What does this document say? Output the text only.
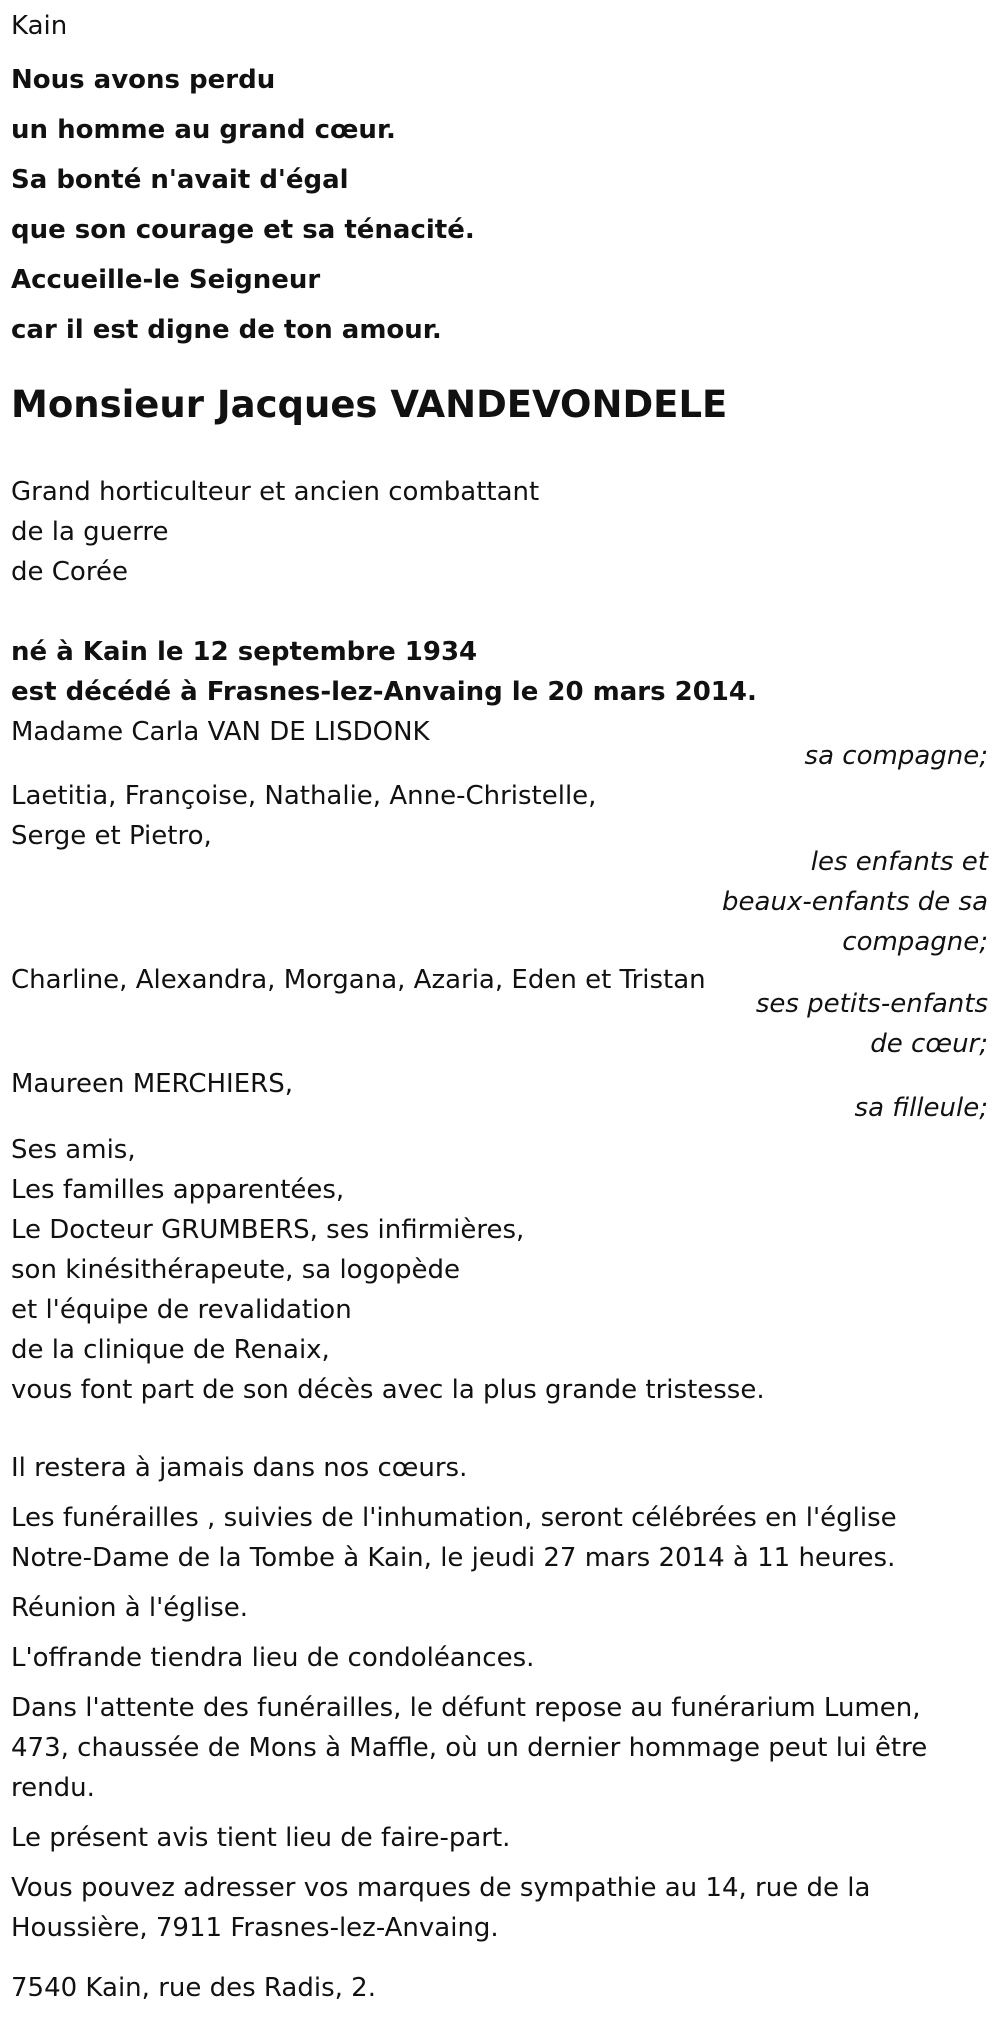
Kain

Nous avons perdu

un homme au grand cœur.

Sa bonté n'avait d'égal

que son courage et sa ténacité.

Accueille-le Seigneur

car il est digne de ton amour.

Monsieur Jacques VANDEVONDELE

Grand horticulteur et ancien combattant

de la guerre

de Corée

né à Kain le 12 septembre 1934

est décédé à Frasnes-lez-Anvaing le 20 mars 2014.

Madame Carla VAN DE LISDONK

sa compagne;

Laetitia, Françoise, Nathalie, Anne-Christelle,

Serge et Pietro,

les enfants et
beaux-enfants de sa
compagne;

Charline, Alexandra, Morgana, Azaria, Eden et Tristan

ses petits-enfants
de cœur;

Maureen MERCHIERS,

sa filleule;

Ses amis,

Les familles apparentées,

Le Docteur GRUMBERS, ses infirmières,

son kinésithérapeute, sa logopède

et l'équipe de revalidation

de la clinique de Renaix,

vous font part de son décès avec la plus grande tristesse.

Il restera à jamais dans nos cœurs.

Les funérailles , suivies de l'inhumation, seront célébrées en l'église

Notre-Dame de la Tombe à Kain, le jeudi 27 mars 2014 à 11 heures.

Réunion à l'église.

L'offrande tiendra lieu de condoléances.

Dans l'attente des funérailles, le défunt repose au funérarium Lumen,

473, chaussée de Mons à Maffle, où un dernier hommage peut lui être

rendu.

Le présent avis tient lieu de faire-part.

Vous pouvez adresser vos marques de sympathie au 14, rue de la

Houssière, 7911 Frasnes-lez-Anvaing.

7540 Kain, rue des Radis, 2.
